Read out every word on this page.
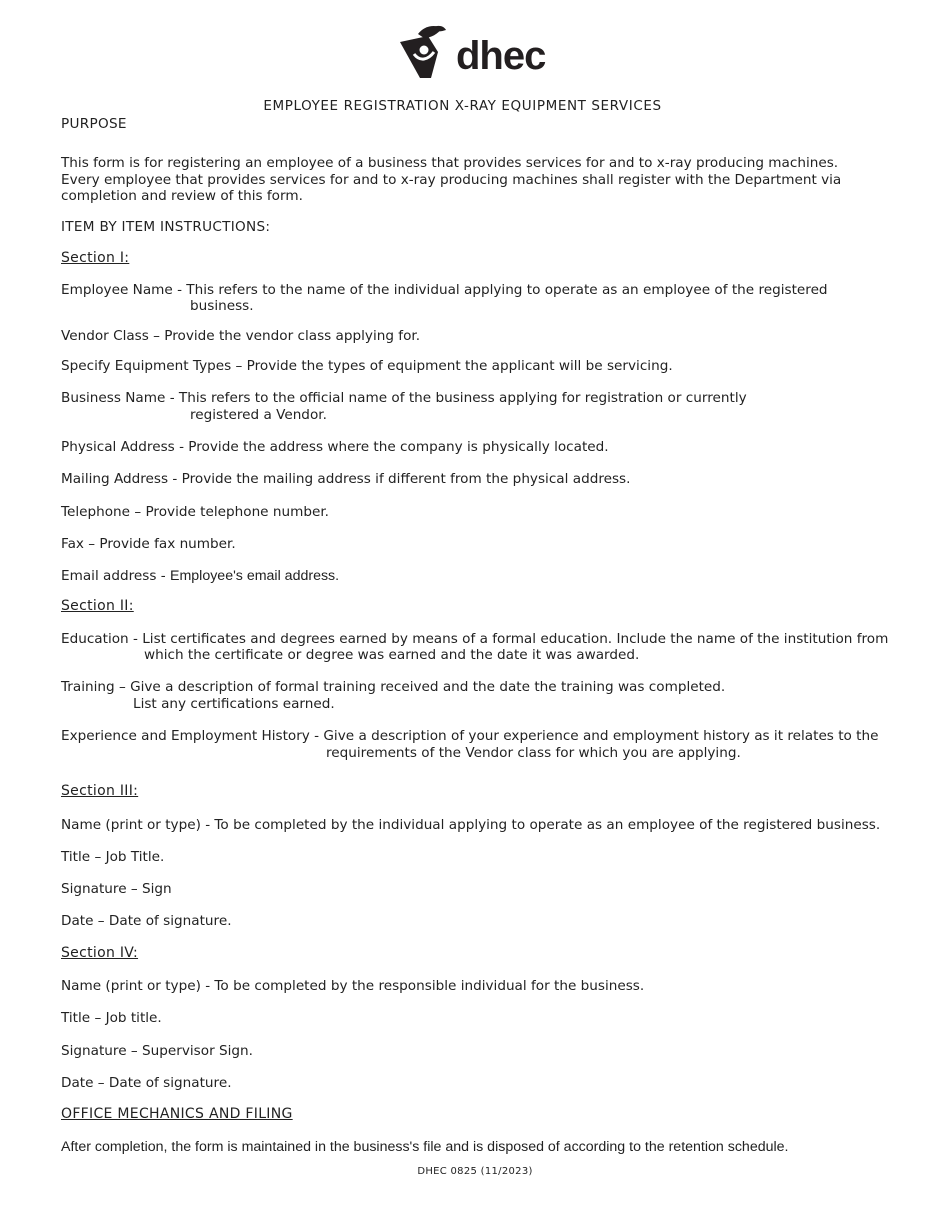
dhec
EMPLOYEE REGISTRATION X-RAY EQUIPMENT SERVICES
PURPOSE
This form is for registering an employee of a business that provides services for and to x-ray producing machines. Every employee that provides services for and to x-ray producing machines shall register with the Department via completion and review of this form.
ITEM BY ITEM INSTRUCTIONS:
Section I:
Employee Name - This refers to the name of the individual applying to operate as an employee of the registered
business.
Vendor Class – Provide the vendor class applying for.
Specify Equipment Types – Provide the types of equipment the applicant will be servicing.
Business Name - This refers to the official name of the business applying for registration or currently
registered a Vendor.
Physical Address - Provide the address where the company is physically located.
Mailing Address - Provide the mailing address if different from the physical address.
Telephone – Provide telephone number.
Fax – Provide fax number.
Email address - Employee's email address.
Section II:
Education - List certificates and degrees earned by means of a formal education. Include the name of the institution from
which the certificate or degree was earned and the date it was awarded.
Training – Give a description of formal training received and the date the training was completed.
List any certifications earned.
Experience and Employment History - Give a description of your experience and employment history as it relates to the
requirements of the Vendor class for which you are applying.
Section III:
Name (print or type) - To be completed by the individual applying to operate as an employee of the registered business.
Title – Job Title.
Signature – Sign
Date – Date of signature.
Section IV:
Name (print or type) - To be completed by the responsible individual for the business.
Title – Job title.
Signature – Supervisor Sign.
Date – Date of signature.
OFFICE MECHANICS AND FILING
After completion, the form is maintained in the business's file and is disposed of according to the retention schedule.
DHEC 0825 (11/2023)
